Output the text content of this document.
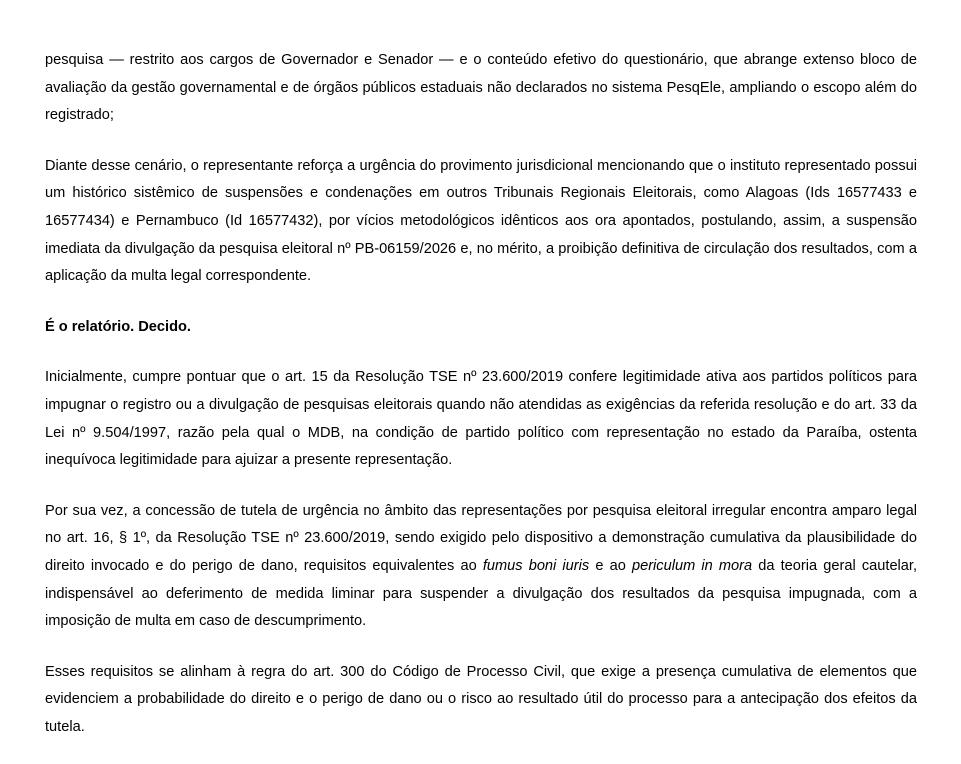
pesquisa — restrito aos cargos de Governador e Senador — e o conteúdo efetivo do questionário, que abrange extenso bloco de avaliação da gestão governamental e de órgãos públicos estaduais não declarados no sistema PesqEle, ampliando o escopo além do registrado;

Diante desse cenário, o representante reforça a urgência do provimento jurisdicional mencionando que o instituto representado possui um histórico sistêmico de suspensões e condenações em outros Tribunais Regionais Eleitorais, como Alagoas (Ids 16577433 e 16577434) e Pernambuco (Id 16577432), por vícios metodológicos idênticos aos ora apontados, postulando, assim, a suspensão imediata da divulgação da pesquisa eleitoral nº PB-06159/2026 e, no mérito, a proibição definitiva de circulação dos resultados, com a aplicação da multa legal correspondente.

É o relatório. Decido.

Inicialmente, cumpre pontuar que o art. 15 da Resolução TSE nº 23.600/2019 confere legitimidade ativa aos partidos políticos para impugnar o registro ou a divulgação de pesquisas eleitorais quando não atendidas as exigências da referida resolução e do art. 33 da Lei nº 9.504/1997, razão pela qual o MDB, na condição de partido político com representação no estado da Paraíba, ostenta inequívoca legitimidade para ajuizar a presente representação.

Por sua vez, a concessão de tutela de urgência no âmbito das representações por pesquisa eleitoral irregular encontra amparo legal no art. 16, § 1º, da Resolução TSE nº 23.600/2019, sendo exigido pelo dispositivo a demonstração cumulativa da plausibilidade do direito invocado e do perigo de dano, requisitos equivalentes ao fumus boni iuris e ao periculum in mora da teoria geral cautelar, indispensável ao deferimento de medida liminar para suspender a divulgação dos resultados da pesquisa impugnada, com a imposição de multa em caso de descumprimento.

Esses requisitos se alinham à regra do art. 300 do Código de Processo Civil, que exige a presença cumulativa de elementos que evidenciem a probabilidade do direito e o perigo de dano ou o risco ao resultado útil do processo para a antecipação dos efeitos da tutela.
